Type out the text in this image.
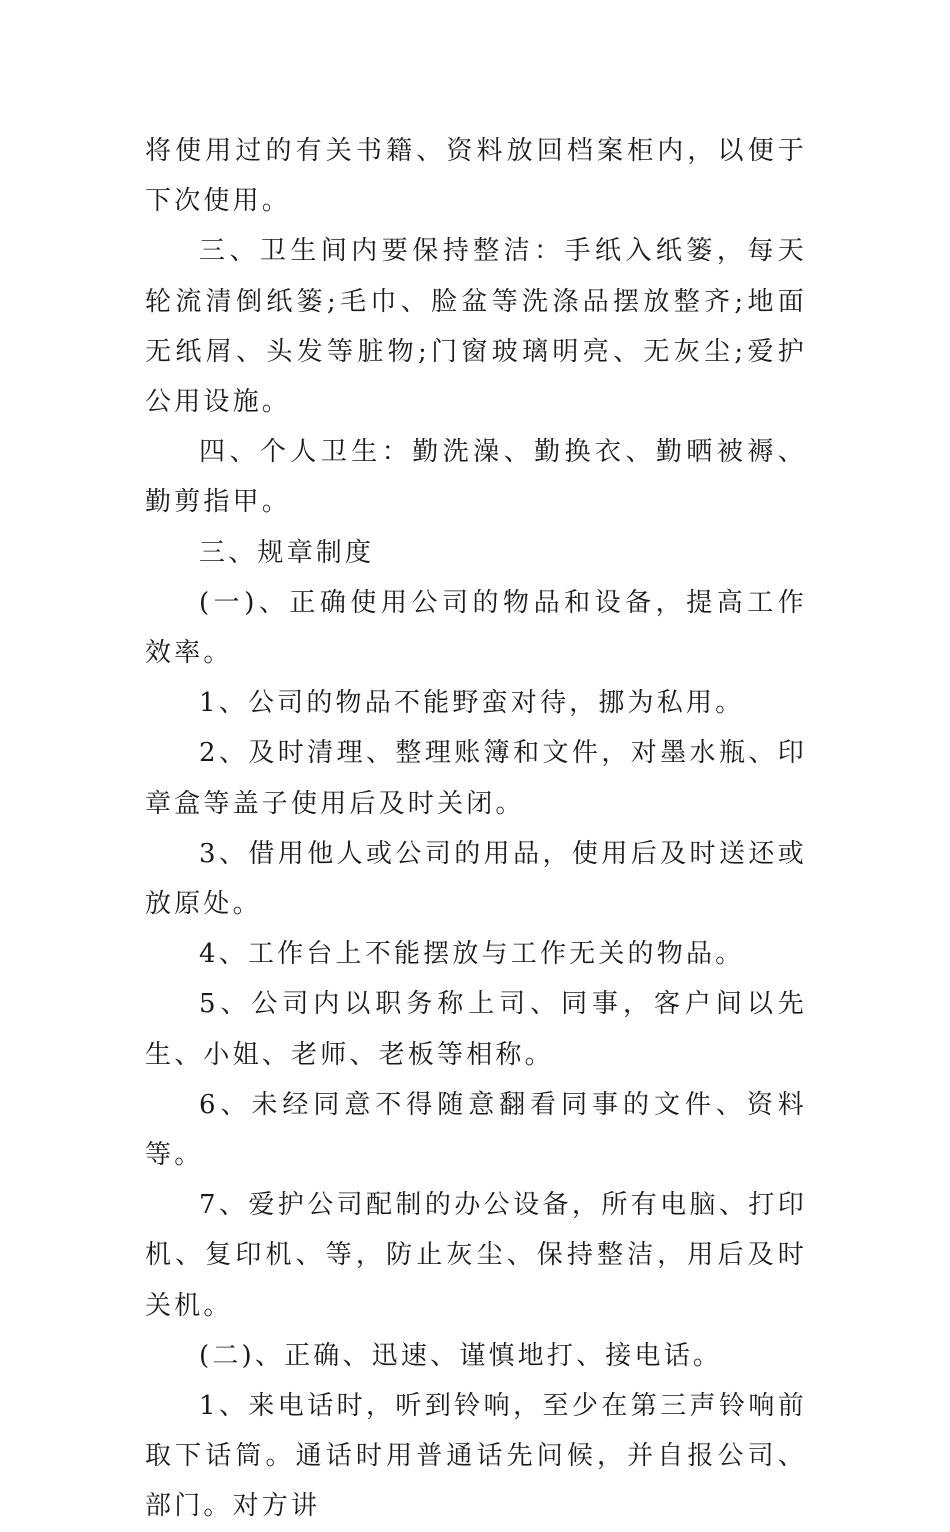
将使用过的有关书籍、资料放回档案柜内，以便于下次使用。

三、卫生间内要保持整洁：手纸入纸篓，每天轮流清倒纸篓;毛巾、脸盆等洗涤品摆放整齐;地面无纸屑、头发等脏物;门窗玻璃明亮、无灰尘;爱护公用设施。

四、个人卫生：勤洗澡、勤换衣、勤晒被褥、勤剪指甲。

三、规章制度

(一)、正确使用公司的物品和设备，提高工作效率。

1、公司的物品不能野蛮对待，挪为私用。

2、及时清理、整理账簿和文件，对墨水瓶、印章盒等盖子使用后及时关闭。

3、借用他人或公司的用品，使用后及时送还或放原处。

4、工作台上不能摆放与工作无关的物品。

5、公司内以职务称上司、同事，客户间以先生、小姐、老师、老板等相称。

6、未经同意不得随意翻看同事的文件、资料等。

7、爱护公司配制的办公设备，所有电脑、打印机、复印机、等，防止灰尘、保持整洁，用后及时关机。

(二)、正确、迅速、谨慎地打、接电话。

1、来电话时，听到铃响，至少在第三声铃响前取下话筒。通话时用普通话先问候，并自报公司、部门。对方讲
